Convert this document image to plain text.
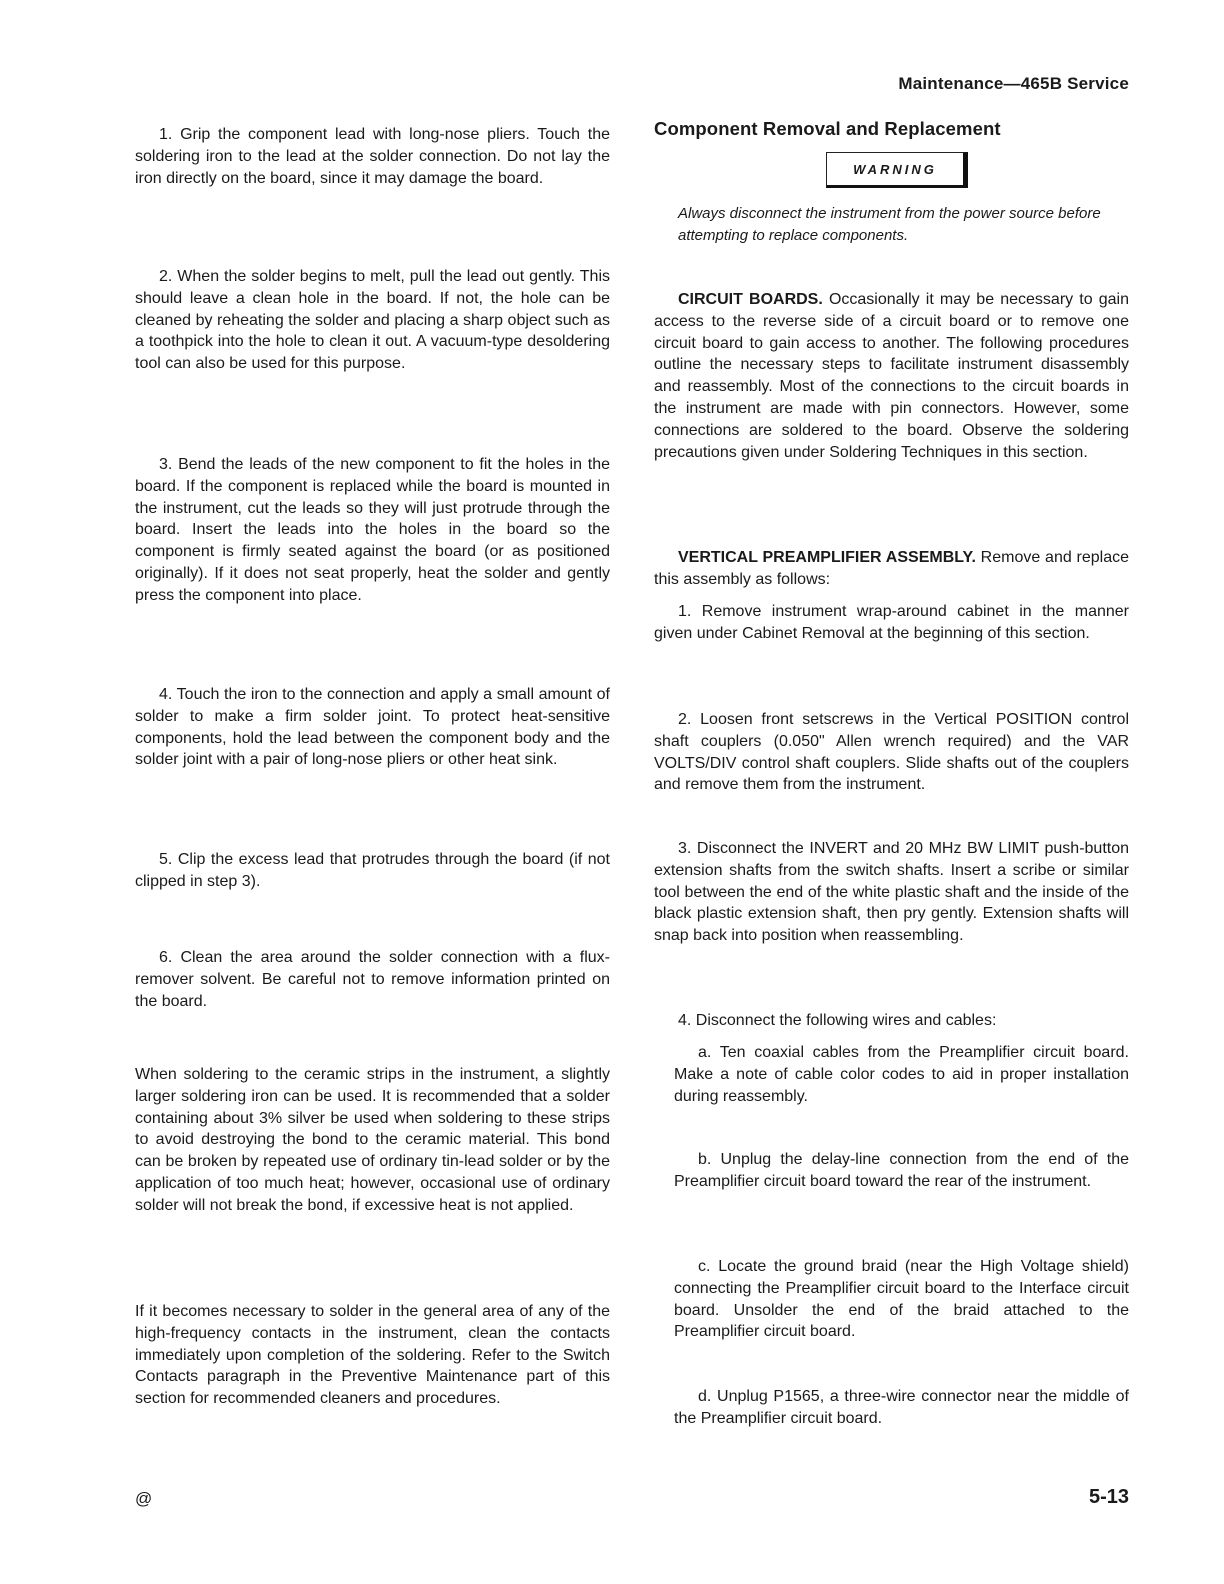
Maintenance—465B Service

1. Grip the component lead with long-nose pliers. Touch the soldering iron to the lead at the solder connection. Do not lay the iron directly on the board, since it may damage the board.

2. When the solder begins to melt, pull the lead out gently. This should leave a clean hole in the board. If not, the hole can be cleaned by reheating the solder and placing a sharp object such as a toothpick into the hole to clean it out. A vacuum-type desoldering tool can also be used for this purpose.

3. Bend the leads of the new component to fit the holes in the board. If the component is replaced while the board is mounted in the instrument, cut the leads so they will just protrude through the board. Insert the leads into the holes in the board so the component is firmly seated against the board (or as positioned originally). If it does not seat properly, heat the solder and gently press the component into place.

4. Touch the iron to the connection and apply a small amount of solder to make a firm solder joint. To protect heat-sensitive components, hold the lead between the component body and the solder joint with a pair of long-nose pliers or other heat sink.

5. Clip the excess lead that protrudes through the board (if not clipped in step 3).

6. Clean the area around the solder connection with a flux-remover solvent. Be careful not to remove information printed on the board.

When soldering to the ceramic strips in the instrument, a slightly larger soldering iron can be used. It is recommended that a solder containing about 3% silver be used when soldering to these strips to avoid destroying the bond to the ceramic material. This bond can be broken by repeated use of ordinary tin-lead solder or by the application of too much heat; however, occasional use of ordinary solder will not break the bond, if excessive heat is not applied.

If it becomes necessary to solder in the general area of any of the high-frequency contacts in the instrument, clean the contacts immediately upon completion of the soldering. Refer to the Switch Contacts paragraph in the Preventive Maintenance part of this section for recommended cleaners and procedures.

Component Removal and Replacement
WARNING

Always disconnect the instrument from the power source before attempting to replace components.

CIRCUIT BOARDS. Occasionally it may be necessary to gain access to the reverse side of a circuit board or to remove one circuit board to gain access to another. The following procedures outline the necessary steps to facilitate instrument disassembly and reassembly. Most of the connections to the circuit boards in the instrument are made with pin connectors. However, some connections are soldered to the board. Observe the soldering precautions given under Soldering Techniques in this section.

VERTICAL PREAMPLIFIER ASSEMBLY. Remove and replace this assembly as follows:

1. Remove instrument wrap-around cabinet in the manner given under Cabinet Removal at the beginning of this section.

2. Loosen front setscrews in the Vertical POSITION control shaft couplers (0.050" Allen wrench required) and the VAR VOLTS/DIV control shaft couplers. Slide shafts out of the couplers and remove them from the instrument.

3. Disconnect the INVERT and 20 MHz BW LIMIT push-button extension shafts from the switch shafts. Insert a scribe or similar tool between the end of the white plastic shaft and the inside of the black plastic extension shaft, then pry gently. Extension shafts will snap back into position when reassembling.

4. Disconnect the following wires and cables:

a. Ten coaxial cables from the Preamplifier circuit board. Make a note of cable color codes to aid in proper installation during reassembly.

b. Unplug the delay-line connection from the end of the Preamplifier circuit board toward the rear of the instrument.

c. Locate the ground braid (near the High Voltage shield) connecting the Preamplifier circuit board to the Interface circuit board. Unsolder the end of the braid attached to the Preamplifier circuit board.

d. Unplug P1565, a three-wire connector near the middle of the Preamplifier circuit board.

@	5-13
